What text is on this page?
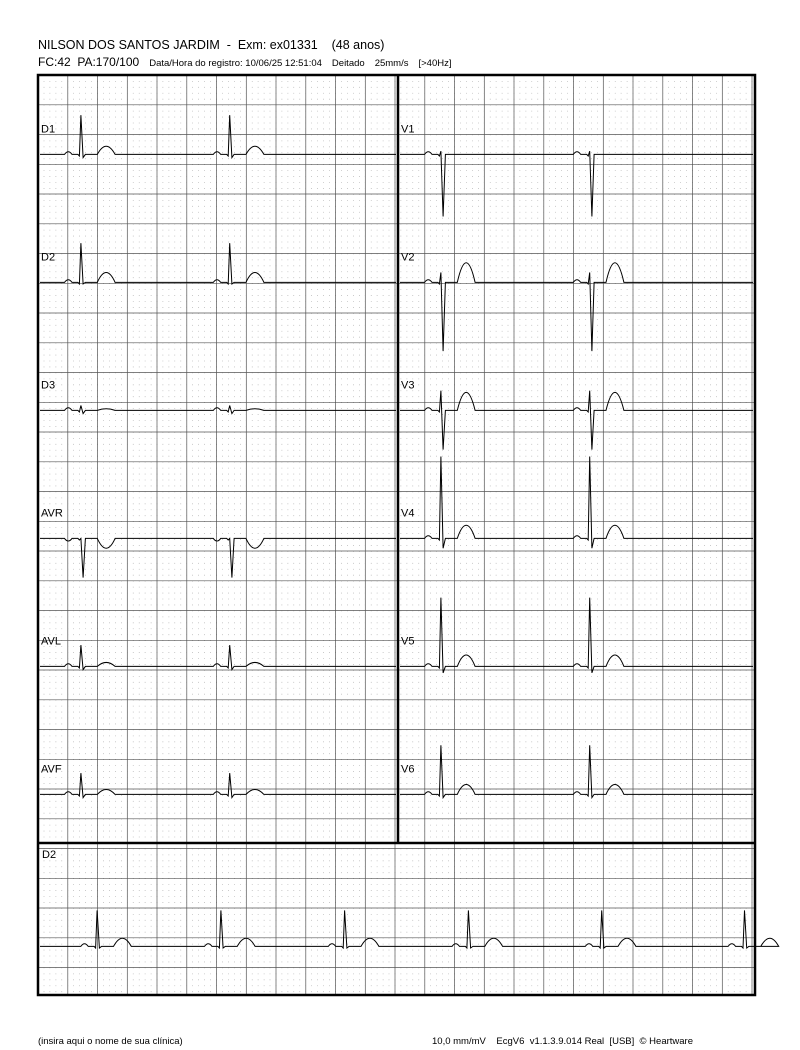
NILSON DOS SANTOS JARDIM  -  Exm: ex01331 (48 anos)
FC:42 PA:170/100 Data/Hora do registro: 10/06/25 12:51:04 Deitado 25mm/s [>40Hz]
D1
D2
D3
AVR
AVL
AVF
V1
V2
V3
V4
V5
V6
D2
(insira aqui o nome de sua clínica)	10,0 mm/mV EcgV6  v1.1.3.9.014 Real  [USB]  © Heartware
